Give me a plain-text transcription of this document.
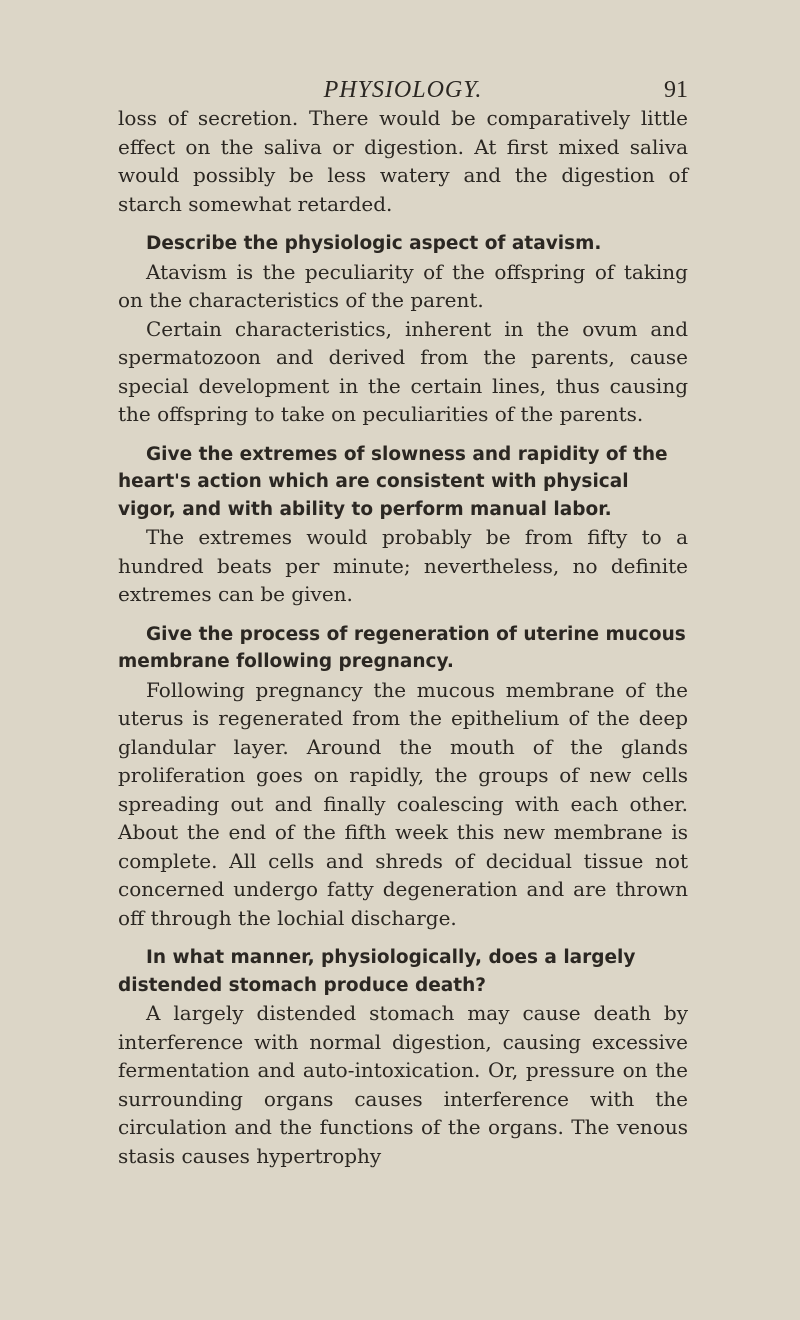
PHYSIOLOGY.	91

loss of secretion. There would be comparatively little effect on the saliva or digestion. At first mixed saliva would possibly be less watery and the digestion of starch somewhat retarded.

Describe the physiologic aspect of atavism.

Atavism is the peculiarity of the offspring of taking on the characteristics of the parent.

Certain characteristics, inherent in the ovum and spermatozoon and derived from the parents, cause special development in the certain lines, thus causing the offspring to take on peculiarities of the parents.

Give the extremes of slowness and rapidity of the heart's action which are consistent with physical vigor, and with ability to perform manual labor.

The extremes would probably be from fifty to a hundred beats per minute; nevertheless, no definite extremes can be given.

Give the process of regeneration of uterine mucous membrane following pregnancy.

Following pregnancy the mucous membrane of the uterus is regenerated from the epithelium of the deep glandular layer. Around the mouth of the glands proliferation goes on rapidly, the groups of new cells spreading out and finally coalescing with each other. About the end of the fifth week this new membrane is complete. All cells and shreds of decidual tissue not concerned undergo fatty degeneration and are thrown off through the lochial discharge.

In what manner, physiologically, does a largely distended stomach produce death?

A largely distended stomach may cause death by interference with normal digestion, causing excessive fermentation and auto-intoxication. Or, pressure on the surrounding organs causes interference with the circulation and the functions of the organs. The venous stasis causes hypertrophy
